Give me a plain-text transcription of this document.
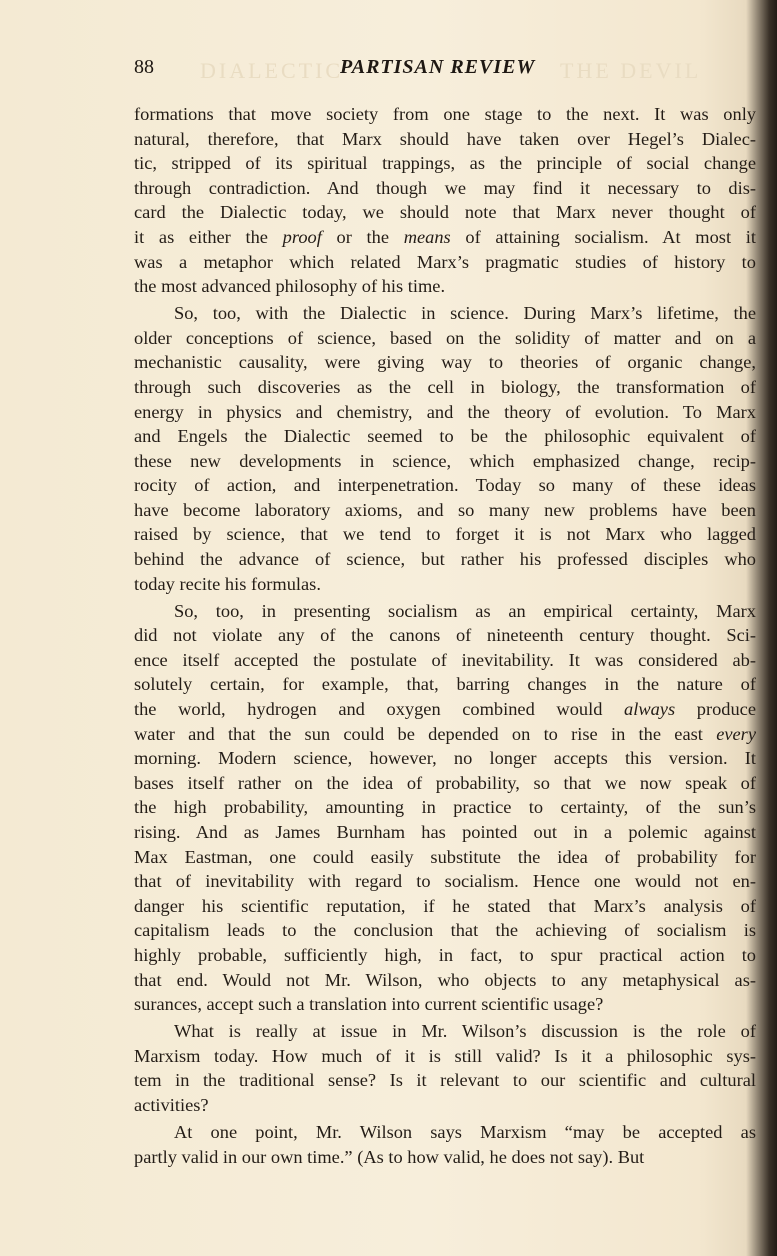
DIALECTIC	THE DEVIL
88	PARTISAN REVIEW
formations that move society from one stage to the next. It was only
natural, therefore, that Marx should have taken over Hegel’s Dialec-
tic, stripped of its spiritual trappings, as the principle of social change
through contradiction. And though we may find it necessary to dis-
card the Dialectic today, we should note that Marx never thought of
it as either the proof or the means of attaining socialism. At most it
was a metaphor which related Marx’s pragmatic studies of history to
the most advanced philosophy of his time.
So, too, with the Dialectic in science. During Marx’s lifetime, the
older conceptions of science, based on the solidity of matter and on a
mechanistic causality, were giving way to theories of organic change,
through such discoveries as the cell in biology, the transformation of
energy in physics and chemistry, and the theory of evolution. To Marx
and Engels the Dialectic seemed to be the philosophic equivalent of
these new developments in science, which emphasized change, recip-
rocity of action, and interpenetration. Today so many of these ideas
have become laboratory axioms, and so many new problems have been
raised by science, that we tend to forget it is not Marx who lagged
behind the advance of science, but rather his professed disciples who
today recite his formulas.
So, too, in presenting socialism as an empirical certainty, Marx
did not violate any of the canons of nineteenth century thought. Sci-
ence itself accepted the postulate of inevitability. It was considered ab-
solutely certain, for example, that, barring changes in the nature of
the world, hydrogen and oxygen combined would always produce
water and that the sun could be depended on to rise in the east every
morning. Modern science, however, no longer accepts this version. It
bases itself rather on the idea of probability, so that we now speak of
the high probability, amounting in practice to certainty, of the sun’s
rising. And as James Burnham has pointed out in a polemic against
Max Eastman, one could easily substitute the idea of probability for
that of inevitability with regard to socialism. Hence one would not en-
danger his scientific reputation, if he stated that Marx’s analysis of
capitalism leads to the conclusion that the achieving of socialism is
highly probable, sufficiently high, in fact, to spur practical action to
that end. Would not Mr. Wilson, who objects to any metaphysical as-
surances, accept such a translation into current scientific usage?
What is really at issue in Mr. Wilson’s discussion is the role of
Marxism today. How much of it is still valid? Is it a philosophic sys-
tem in the traditional sense? Is it relevant to our scientific and cultural
activities?
At one point, Mr. Wilson says Marxism “may be accepted as
partly valid in our own time.” (As to how valid, he does not say). But
